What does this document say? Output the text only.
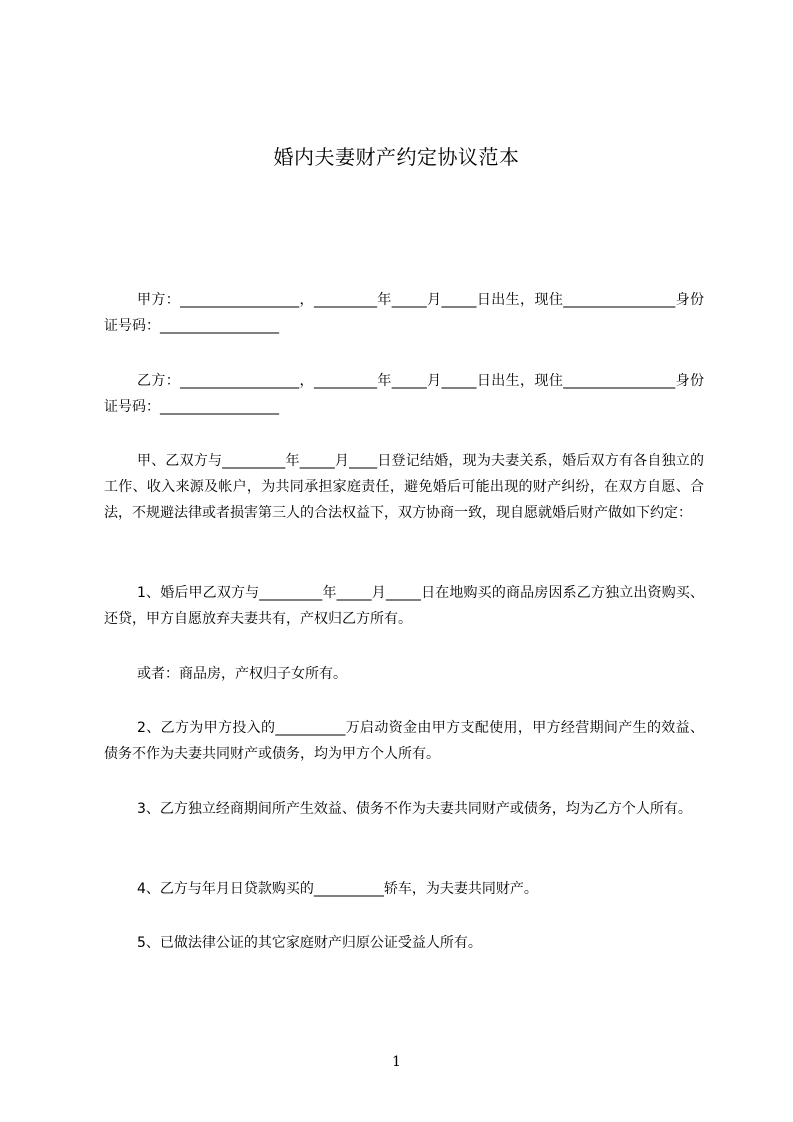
婚内夫妻财产约定协议范本
甲方：_________________，_________年_____月_____日出生，现住________________身份证号码：_________________
乙方：_________________，_________年_____月_____日出生，现住________________身份证号码：_________________
甲、乙双方与_________年_____月____日登记结婚，现为夫妻关系，婚后双方有各自独立的工作、收入来源及帐户，为共同承担家庭责任，避免婚后可能出现的财产纠纷，在双方自愿、合法，不规避法律或者损害第三人的合法权益下，双方协商一致，现自愿就婚后财产做如下约定：
1、婚后甲乙双方与_________年_____月_____日在地购买的商品房因系乙方独立出资购买、还贷，甲方自愿放弃夫妻共有，产权归乙方所有。
或者：商品房，产权归子女所有。
2、乙方为甲方投入的__________万启动资金由甲方支配使用，甲方经营期间产生的效益、债务不作为夫妻共同财产或债务，均为甲方个人所有。
3、乙方独立经商期间所产生效益、债务不作为夫妻共同财产或债务，均为乙方个人所有。
4、乙方与年月日贷款购买的__________轿车，为夫妻共同财产。
5、已做法律公证的其它家庭财产归原公证受益人所有。
1
